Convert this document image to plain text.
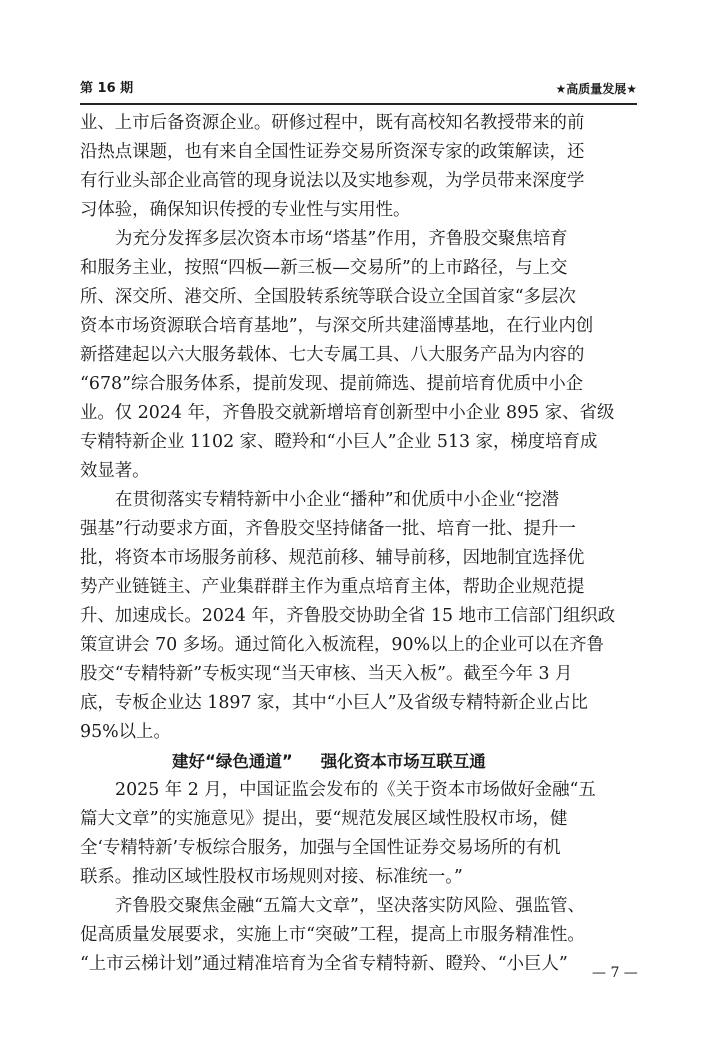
第 16 期	★高质量发展★
业、上市后备资源企业。研修过程中，既有高校知名教授带来的前
沿热点课题，也有来自全国性证券交易所资深专家的政策解读，还
有行业头部企业高管的现身说法以及实地参观，为学员带来深度学
习体验，确保知识传授的专业性与实用性。
为充分发挥多层次资本市场“塔基”作用，齐鲁股交聚焦培育
和服务主业，按照“四板—新三板—交易所”的上市路径，与上交
所、深交所、港交所、全国股转系统等联合设立全国首家“多层次
资本市场资源联合培育基地”，与深交所共建淄博基地，在行业内创
新搭建起以六大服务载体、七大专属工具、八大服务产品为内容的
“678”综合服务体系，提前发现、提前筛选、提前培育优质中小企
业。仅 2024 年，齐鲁股交就新增培育创新型中小企业 895 家、省级
专精特新企业 1102 家、瞪羚和“小巨人”企业 513 家，梯度培育成
效显著。
在贯彻落实专精特新中小企业“播种”和优质中小企业“挖潜
强基”行动要求方面，齐鲁股交坚持储备一批、培育一批、提升一
批，将资本市场服务前移、规范前移、辅导前移，因地制宜选择优
势产业链链主、产业集群群主作为重点培育主体，帮助企业规范提
升、加速成长。2024 年，齐鲁股交协助全省 15 地市工信部门组织政
策宣讲会 70 多场。通过简化入板流程，90%以上的企业可以在齐鲁
股交“专精特新”专板实现“当天审核、当天入板”。截至今年 3 月
底，专板企业达 1897 家，其中“小巨人”及省级专精特新企业占比
95%以上。
建好“绿色通道” 强化资本市场互联互通
2025 年 2 月，中国证监会发布的《关于资本市场做好金融“五
篇大文章”的实施意见》提出，要“规范发展区域性股权市场，健
全‘专精特新’专板综合服务，加强与全国性证券交易场所的有机
联系。推动区域性股权市场规则对接、标准统一。”
齐鲁股交聚焦金融“五篇大文章”，坚决落实防风险、强监管、
促高质量发展要求，实施上市“突破”工程，提高上市服务精准性。
“上市云梯计划”通过精准培育为全省专精特新、瞪羚、“小巨人”	— 7 —
